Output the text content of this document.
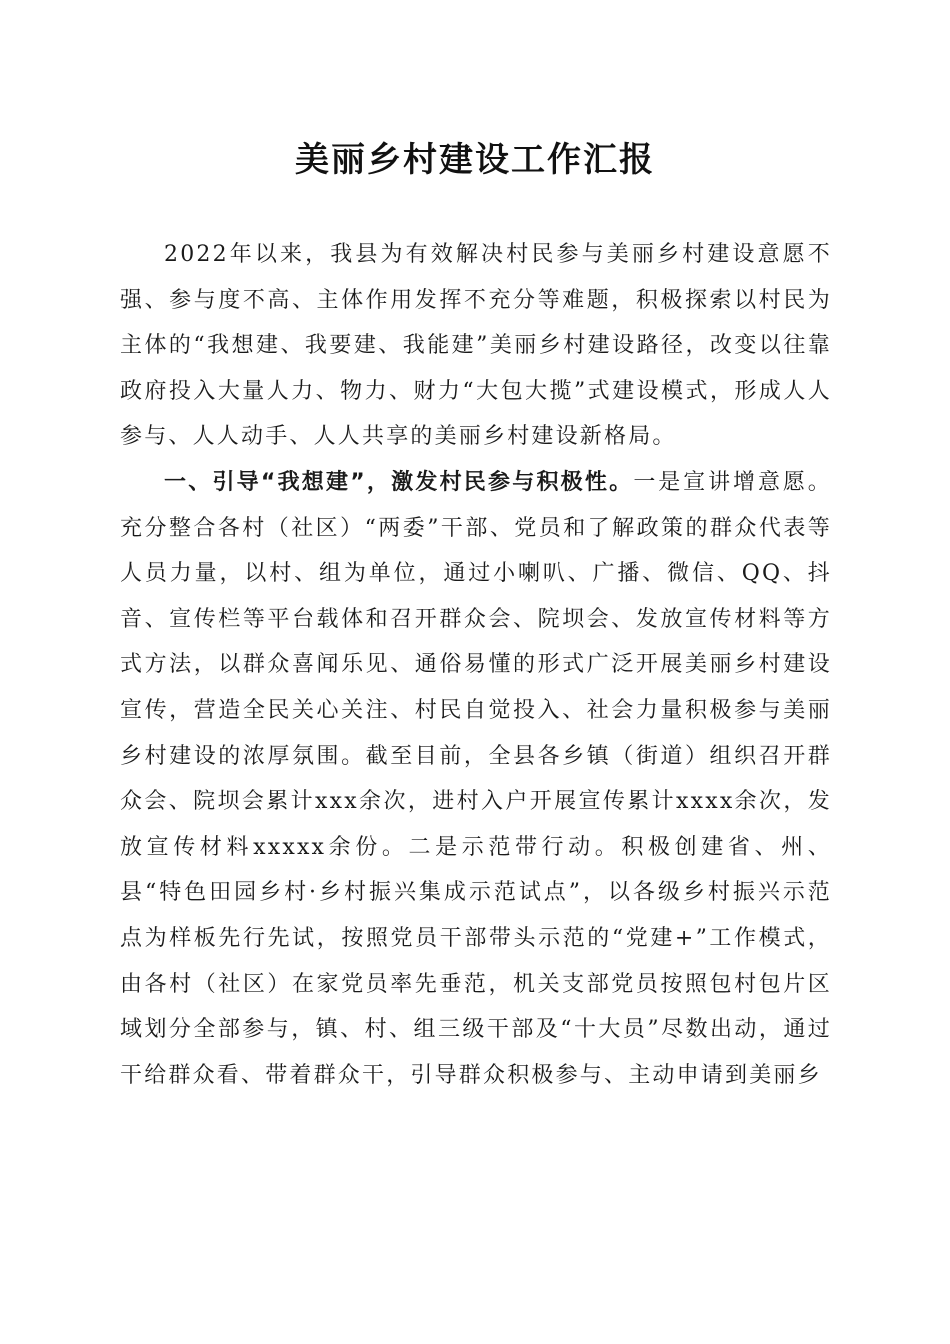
美丽乡村建设工作汇报

2022年以来，我县为有效解决村民参与美丽乡村建设意愿不强、参与度不高、主体作用发挥不充分等难题，积极探索以村民为主体的“我想建、我要建、我能建”美丽乡村建设路径，改变以往靠政府投入大量人力、物力、财力“大包大揽”式建设模式，形成人人参与、人人动手、人人共享的美丽乡村建设新格局。

一、引导“我想建”，激发村民参与积极性。一是宣讲增意愿。充分整合各村（社区）“两委”干部、党员和了解政策的群众代表等人员力量，以村、组为单位，通过小喇叭、广播、微信、QQ、抖音、宣传栏等平台载体和召开群众会、院坝会、发放宣传材料等方式方法，以群众喜闻乐见、通俗易懂的形式广泛开展美丽乡村建设宣传，营造全民关心关注、村民自觉投入、社会力量积极参与美丽乡村建设的浓厚氛围。截至目前，全县各乡镇（街道）组织召开群众会、院坝会累计xxx余次，进村入户开展宣传累计xxxx余次，发放宣传材料xxxxx余份。二是示范带行动。积极创建省、州、县“特色田园乡村·乡村振兴集成示范试点”，以各级乡村振兴示范点为样板先行先试，按照党员干部带头示范的“党建+”工作模式，由各村（社区）在家党员率先垂范，机关支部党员按照包村包片区域划分全部参与，镇、村、组三级干部及“十大员”尽数出动，通过干给群众看、带着群众干，引导群众积极参与、主动申请到美丽乡
